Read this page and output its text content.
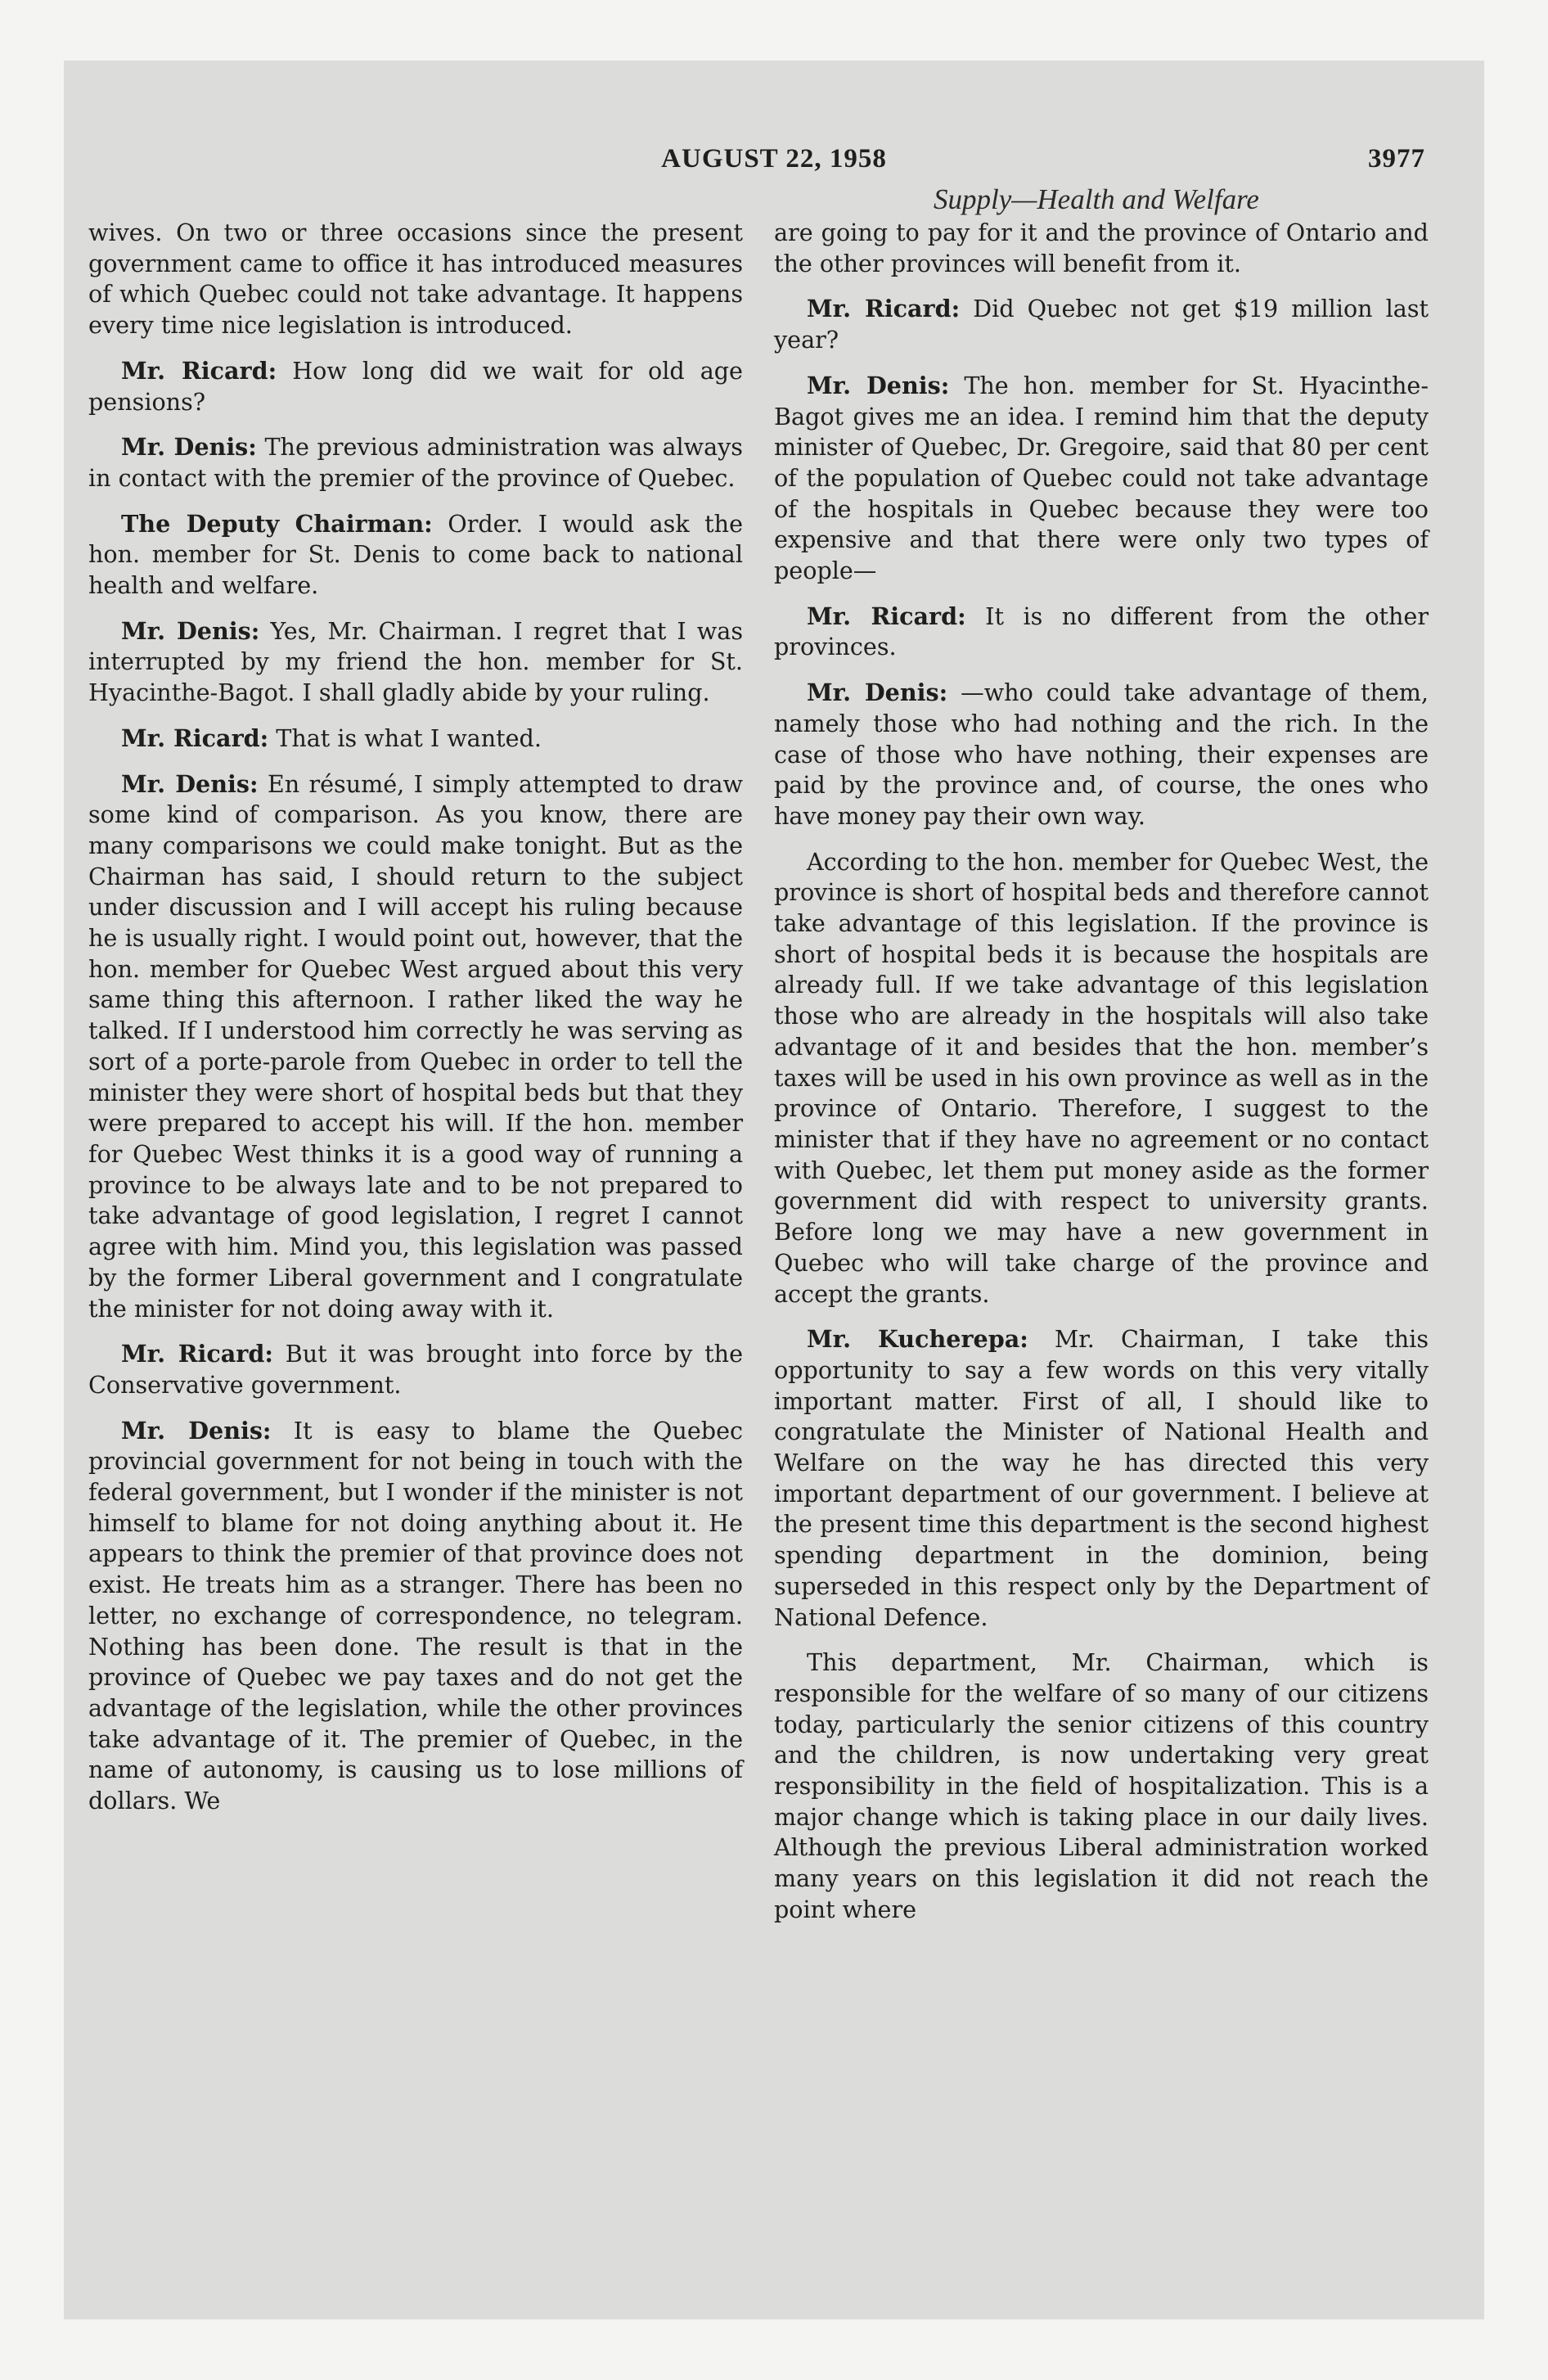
AUGUST 22, 1958	3977
Supply—Health and Welfare

wives. On two or three occasions since the present government came to office it has introduced measures of which Quebec could not take advantage. It happens every time nice legislation is introduced.

Mr. Ricard: How long did we wait for old age pensions?

Mr. Denis: The previous administration was always in contact with the premier of the province of Quebec.

The Deputy Chairman: Order. I would ask the hon. member for St. Denis to come back to national health and welfare.

Mr. Denis: Yes, Mr. Chairman. I regret that I was interrupted by my friend the hon. member for St. Hyacinthe-Bagot. I shall gladly abide by your ruling.

Mr. Ricard: That is what I wanted.

Mr. Denis: En résumé, I simply attempted to draw some kind of comparison. As you know, there are many comparisons we could make tonight. But as the Chairman has said, I should return to the subject under discussion and I will accept his ruling because he is usually right. I would point out, however, that the hon. member for Quebec West argued about this very same thing this afternoon. I rather liked the way he talked. If I understood him correctly he was serving as sort of a porte-parole from Quebec in order to tell the minister they were short of hospital beds but that they were prepared to accept his will. If the hon. member for Quebec West thinks it is a good way of running a province to be always late and to be not prepared to take advantage of good legislation, I regret I cannot agree with him. Mind you, this legislation was passed by the former Liberal government and I congratulate the minister for not doing away with it.

Mr. Ricard: But it was brought into force by the Conservative government.

Mr. Denis: It is easy to blame the Quebec provincial government for not being in touch with the federal government, but I wonder if the minister is not himself to blame for not doing anything about it. He appears to think the premier of that province does not exist. He treats him as a stranger. There has been no letter, no exchange of correspondence, no telegram. Nothing has been done. The result is that in the province of Quebec we pay taxes and do not get the advantage of the legislation, while the other provinces take advantage of it. The premier of Quebec, in the name of autonomy, is causing us to lose millions of dollars. We

are going to pay for it and the province of Ontario and the other provinces will benefit from it.

Mr. Ricard: Did Quebec not get $19 million last year?

Mr. Denis: The hon. member for St. Hyacinthe-Bagot gives me an idea. I remind him that the deputy minister of Quebec, Dr. Gregoire, said that 80 per cent of the population of Quebec could not take advantage of the hospitals in Quebec because they were too expensive and that there were only two types of people—

Mr. Ricard: It is no different from the other provinces.

Mr. Denis: —who could take advantage of them, namely those who had nothing and the rich. In the case of those who have nothing, their expenses are paid by the province and, of course, the ones who have money pay their own way.

According to the hon. member for Quebec West, the province is short of hospital beds and therefore cannot take advantage of this legislation. If the province is short of hospital beds it is because the hospitals are already full. If we take advantage of this legislation those who are already in the hospitals will also take advantage of it and besides that the hon. member’s taxes will be used in his own province as well as in the province of Ontario. Therefore, I suggest to the minister that if they have no agreement or no contact with Quebec, let them put money aside as the former government did with respect to university grants. Before long we may have a new government in Quebec who will take charge of the province and accept the grants.

Mr. Kucherepa: Mr. Chairman, I take this opportunity to say a few words on this very vitally important matter. First of all, I should like to congratulate the Minister of National Health and Welfare on the way he has directed this very important department of our government. I believe at the present time this department is the second highest spending department in the dominion, being superseded in this respect only by the Department of National Defence.

This department, Mr. Chairman, which is responsible for the welfare of so many of our citizens today, particularly the senior citizens of this country and the children, is now undertaking very great responsibility in the field of hospitalization. This is a major change which is taking place in our daily lives. Although the previous Liberal administration worked many years on this legislation it did not reach the point where
